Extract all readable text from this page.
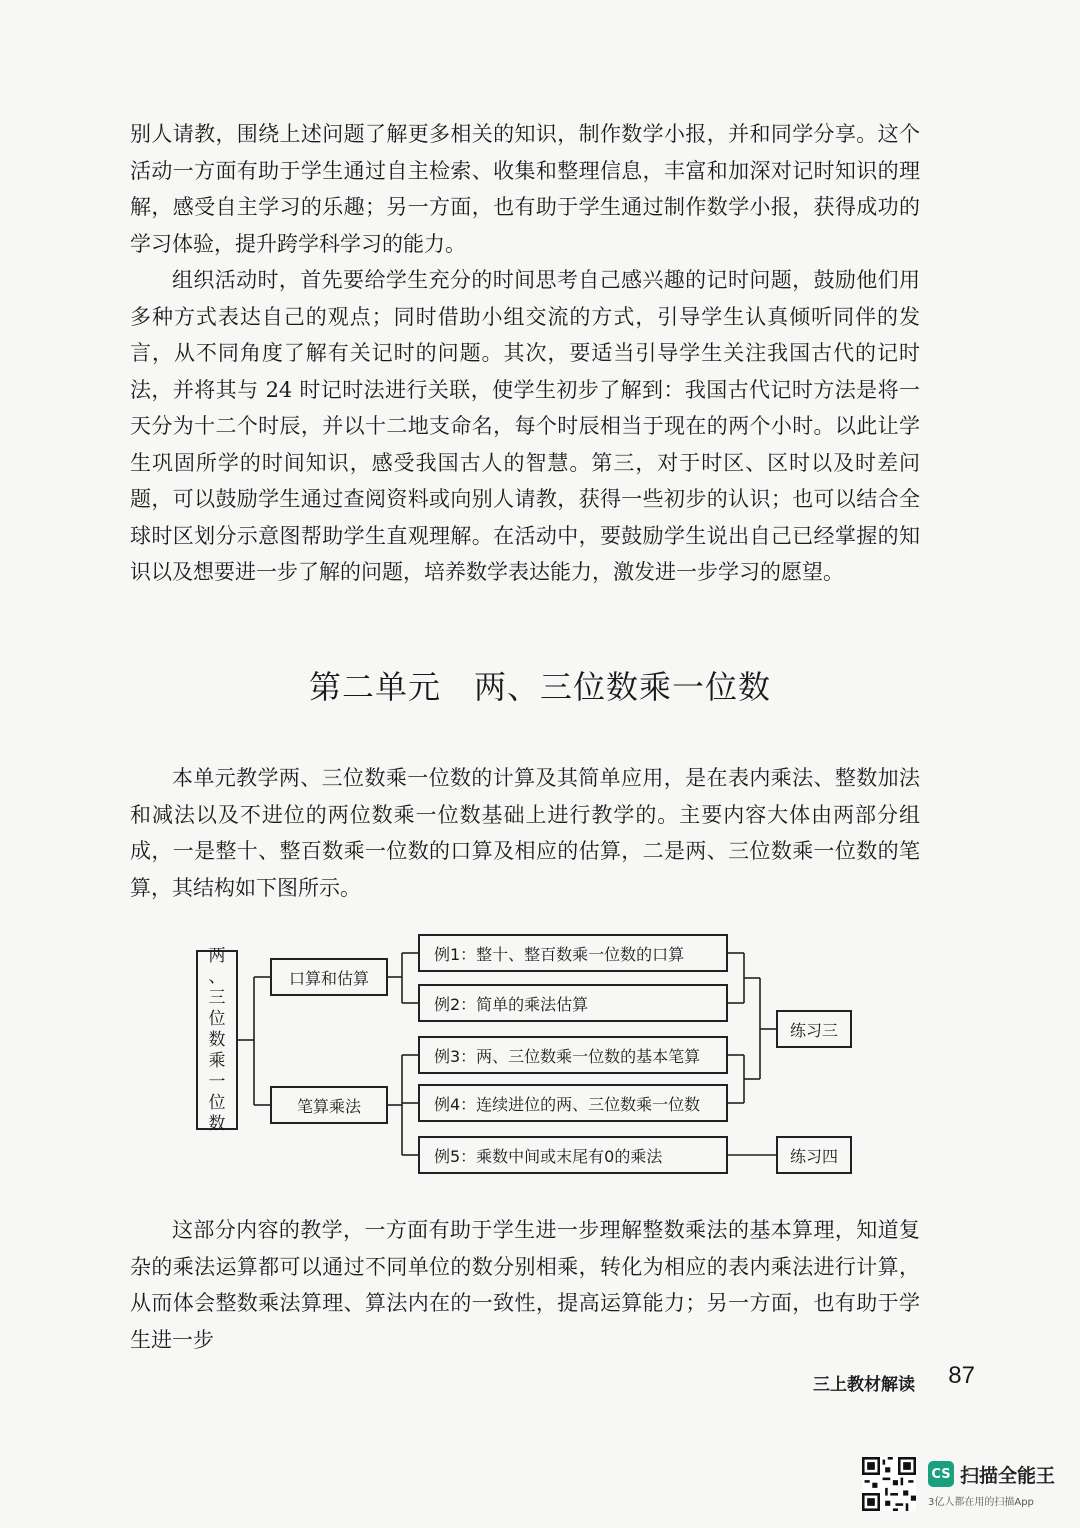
别人请教，围绕上述问题了解更多相关的知识，制作数学小报，并和同学分享。这个活动一方面有助于学生通过自主检索、收集和整理信息，丰富和加深对记时知识的理解，感受自主学习的乐趣；另一方面，也有助于学生通过制作数学小报，获得成功的学习体验，提升跨学科学习的能力。

组织活动时，首先要给学生充分的时间思考自己感兴趣的记时问题，鼓励他们用多种方式表达自己的观点；同时借助小组交流的方式，引导学生认真倾听同伴的发言，从不同角度了解有关记时的问题。其次，要适当引导学生关注我国古代的记时法，并将其与 24 时记时法进行关联，使学生初步了解到：我国古代记时方法是将一天分为十二个时辰，并以十二地支命名，每个时辰相当于现在的两个小时。以此让学生巩固所学的时间知识，感受我国古人的智慧。第三，对于时区、区时以及时差问题，可以鼓励学生通过查阅资料或向别人请教，获得一些初步的认识；也可以结合全球时区划分示意图帮助学生直观理解。在活动中，要鼓励学生说出自己已经掌握的知识以及想要进一步了解的问题，培养数学表达能力，激发进一步学习的愿望。

第二单元　两、三位数乘一位数

本单元教学两、三位数乘一位数的计算及其简单应用，是在表内乘法、整数加法和减法以及不进位的两位数乘一位数基础上进行教学的。主要内容大体由两部分组成，一是整十、整百数乘一位数的口算及相应的估算，二是两、三位数乘一位数的笔算，其结构如下图所示。

两
、
三
位
数
乘
一
位
数
口算和估算
笔算乘法
例1：整十、整百数乘一位数的口算
例2：简单的乘法估算
例3：两、三位数乘一位数的基本笔算
例4：连续进位的两、三位数乘一位数
例5：乘数中间或末尾有0的乘法
练习三
练习四

这部分内容的教学，一方面有助于学生进一步理解整数乘法的基本算理，知道复杂的乘法运算都可以通过不同单位的数分别相乘，转化为相应的表内乘法进行计算，从而体会整数乘法算理、算法内在的一致性，提高运算能力；另一方面，也有助于学生进一步

三上教材解读 87
CS 扫描全能王
3亿人都在用的扫描App
